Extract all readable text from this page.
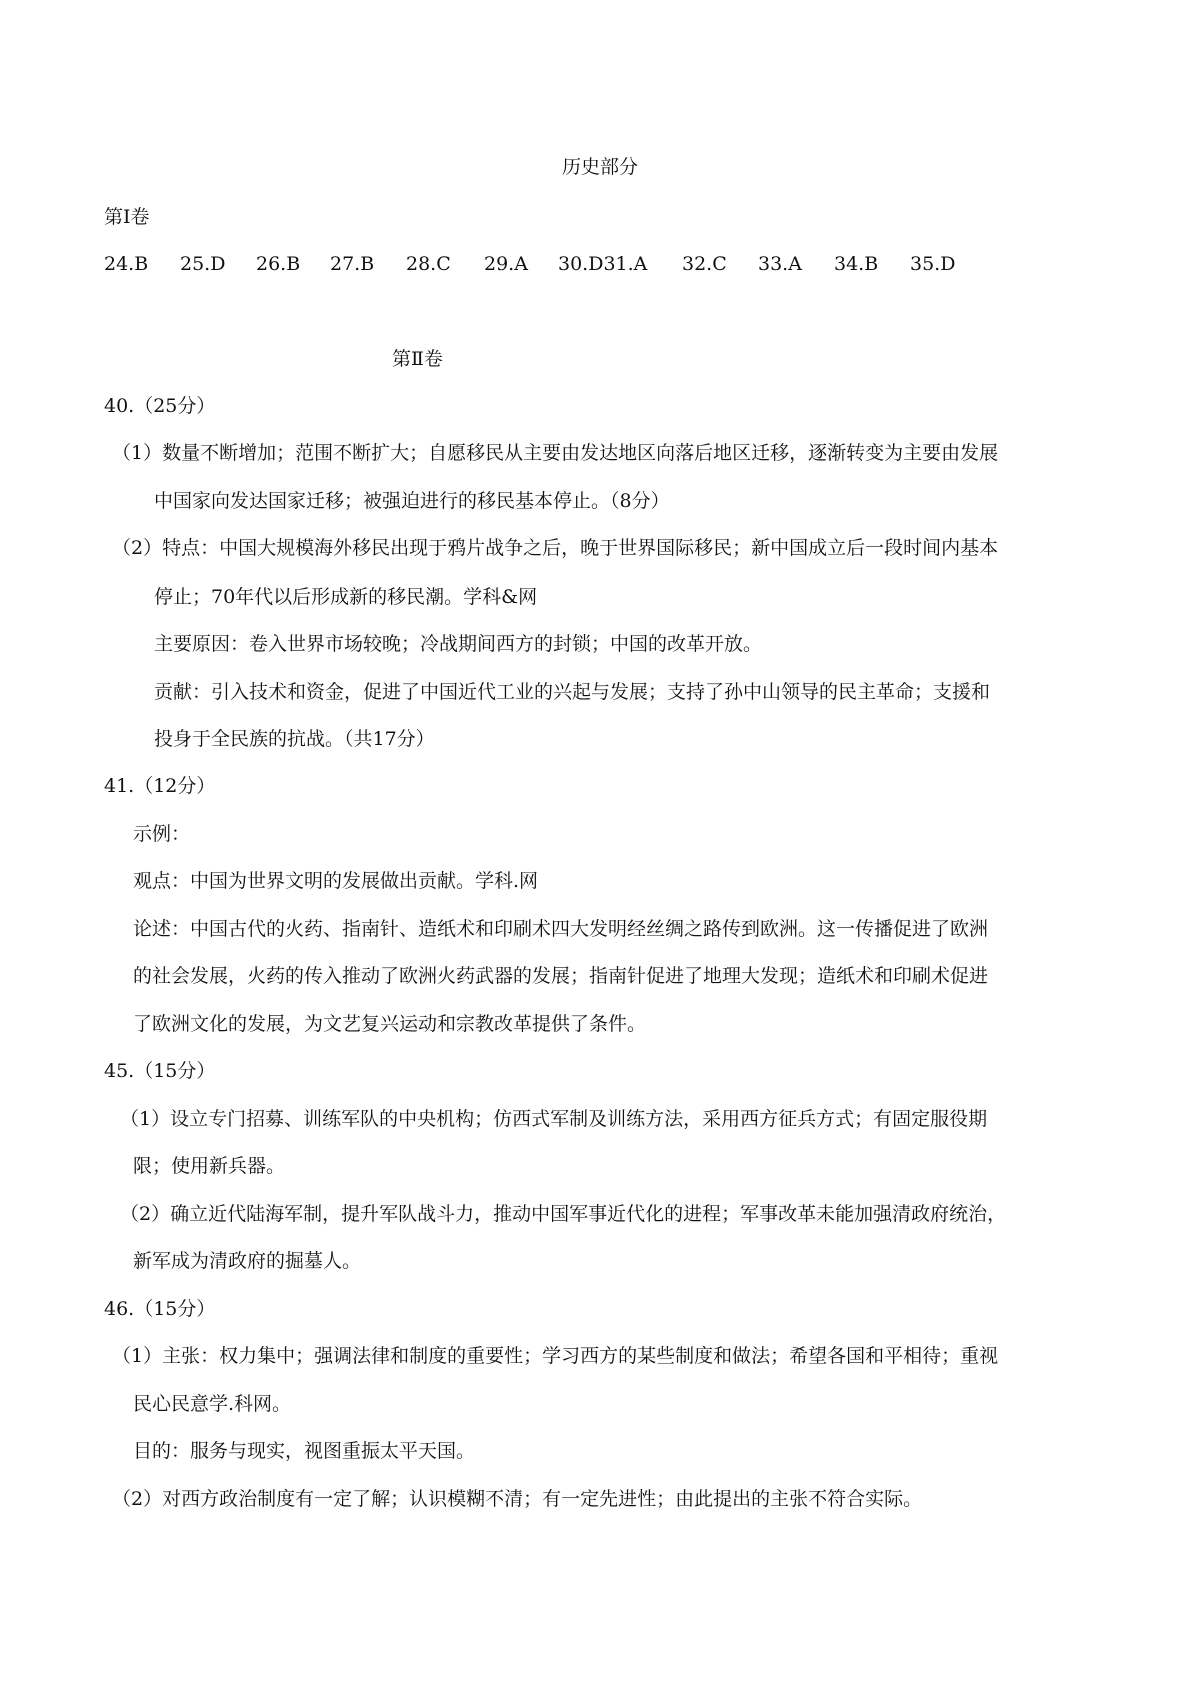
历史部分
第Ⅰ卷
24.B 25.D 26.B 27.B 28.C 29.A 30.D31.A 32.C 33.A 34.B 35.D
第Ⅱ卷
40.（25分）
（1）数量不断增加；范围不断扩大；自愿移民从主要由发达地区向落后地区迁移，逐渐转变为主要由发展
中国家向发达国家迁移；被强迫进行的移民基本停止。（8分）
（2）特点：中国大规模海外移民出现于鸦片战争之后，晚于世界国际移民；新中国成立后一段时间内基本
停止；70年代以后形成新的移民潮。学科&网
主要原因：卷入世界市场较晚；冷战期间西方的封锁；中国的改革开放。
贡献：引入技术和资金，促进了中国近代工业的兴起与发展；支持了孙中山领导的民主革命；支援和
投身于全民族的抗战。（共17分）
41.（12分）
示例：
观点：中国为世界文明的发展做出贡献。学科.网
论述：中国古代的火药、指南针、造纸术和印刷术四大发明经丝绸之路传到欧洲。这一传播促进了欧洲
的社会发展，火药的传入推动了欧洲火药武器的发展；指南针促进了地理大发现；造纸术和印刷术促进
了欧洲文化的发展，为文艺复兴运动和宗教改革提供了条件。
45.（15分）
（1）设立专门招募、训练军队的中央机构；仿西式军制及训练方法，采用西方征兵方式；有固定服役期
限；使用新兵器。
（2）确立近代陆海军制，提升军队战斗力，推动中国军事近代化的进程；军事改革未能加强清政府统治，
新军成为清政府的掘墓人。
46.（15分）
（1）主张：权力集中；强调法律和制度的重要性；学习西方的某些制度和做法；希望各国和平相待；重视
民心民意学.科网。
目的：服务与现实，视图重振太平天国。
（2）对西方政治制度有一定了解；认识模糊不清；有一定先进性；由此提出的主张不符合实际。
